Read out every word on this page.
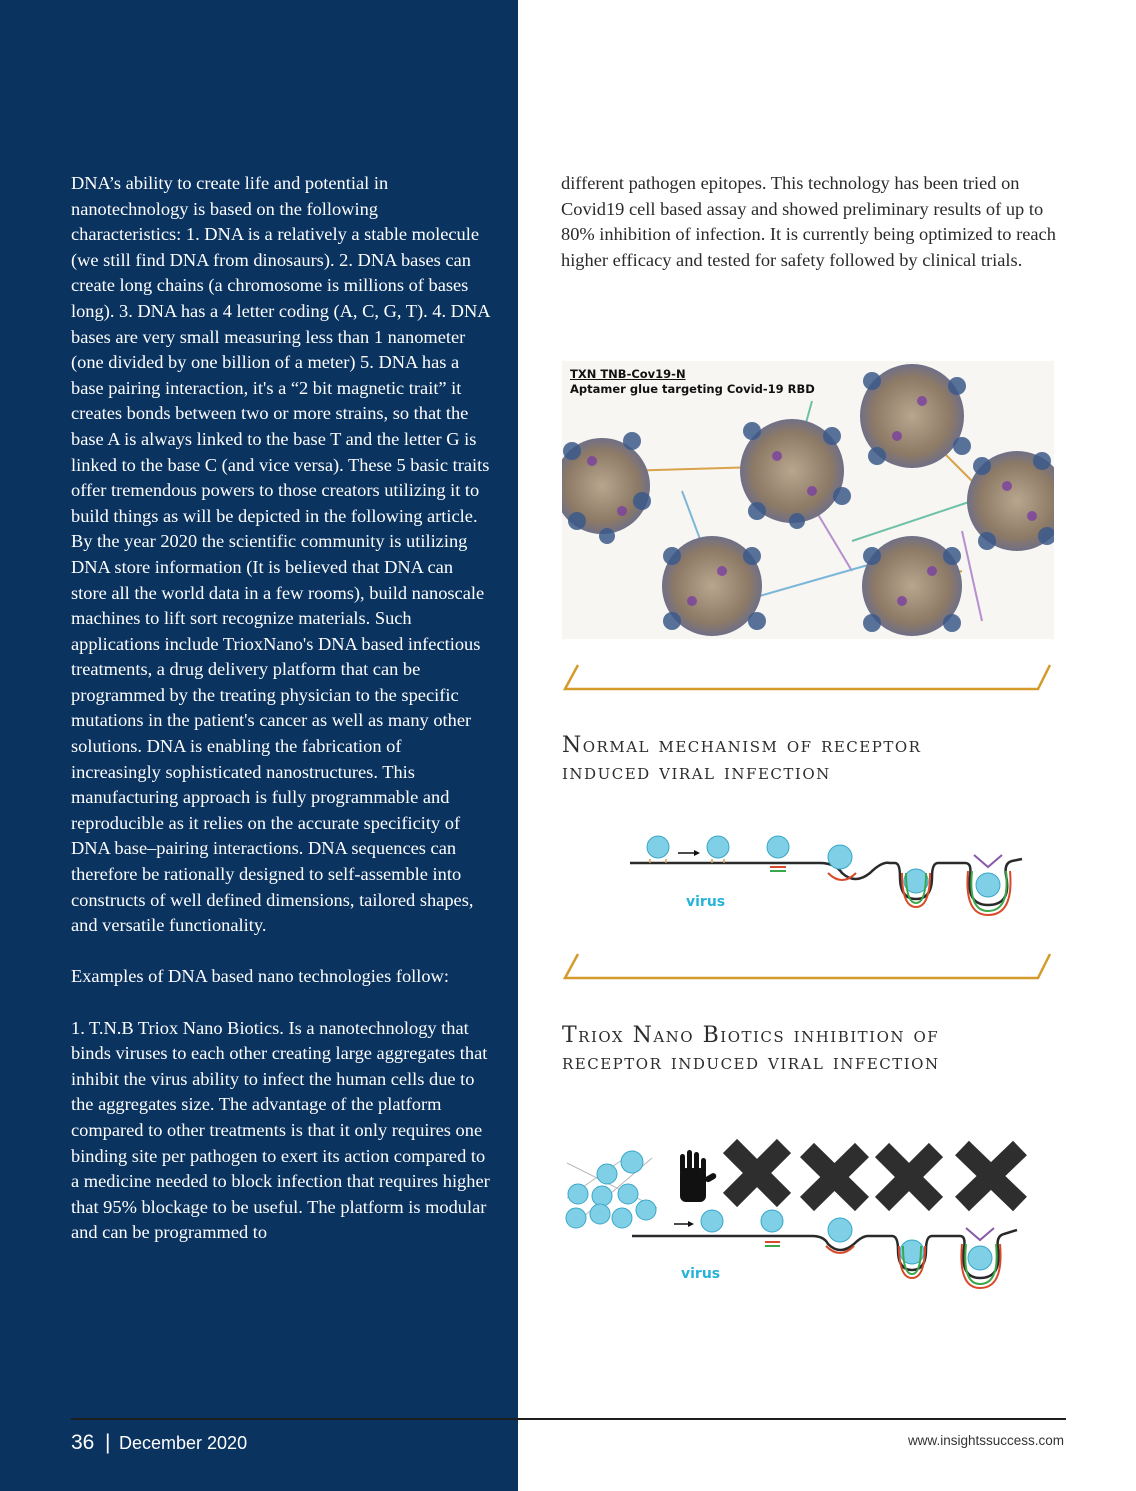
DNA’s ability to create life and potential in nanotechnology is based on the following characteristics: 1. DNA is a relatively a stable molecule (we still find DNA from dinosaurs). 2. DNA bases can create long chains (a chromosome is millions of bases long). 3. DNA has a 4 letter coding (A, C, G, T). 4. DNA bases are very small measuring less than 1 nanometer (one divided by one billion of a meter) 5. DNA has a base pairing interaction, it's a “2 bit magnetic trait” it creates bonds between two or more strains, so that the base A is always linked to the base T and the letter G is linked to the base C (and vice versa). These 5 basic traits offer tremendous powers to those creators utilizing it to build things as will be depicted in the following article. By the year 2020 the scientific community is utilizing DNA store information (It is believed that DNA can store all the world data in a few rooms), build nanoscale machines to lift sort recognize materials. Such applications include TrioxNano's DNA based infectious treatments, a drug delivery platform that can be programmed by the treating physician to the specific mutations in the patient's cancer as well as many other solutions. DNA is enabling the fabrication of increasingly sophisticated nanostructures. This manufacturing approach is fully programmable and reproducible as it relies on the accurate specificity of DNA base–pairing interactions. DNA sequences can therefore be rationally designed to self-assemble into constructs of well defined dimensions, tailored shapes, and versatile functionality.

Examples of DNA based nano technologies follow:

1. T.N.B Triox Nano Biotics. Is a nanotechnology that binds viruses to each other creating large aggregates that inhibit the virus ability to infect the human cells due to the aggregates size. The advantage of the platform compared to other treatments is that it only requires one binding site per pathogen to exert its action compared to a medicine needed to block infection that requires higher that 95% blockage to be useful. The platform is modular and can be programmed to

different pathogen epitopes. This technology has been tried on Covid19 cell based assay and showed preliminary results of up to 80% inhibition of infection. It is currently being optimized to reach higher efficacy and tested for safety followed by clinical trials.

TXN TNB-Cov19-N
Aptamer glue targeting Covid-19 RBD
Normal mechanism of receptor
induced viral infection
virus
Triox Nano Biotics inhibition of
receptor induced viral infection
virus
36 | December 2020	www.insightssuccess.com
